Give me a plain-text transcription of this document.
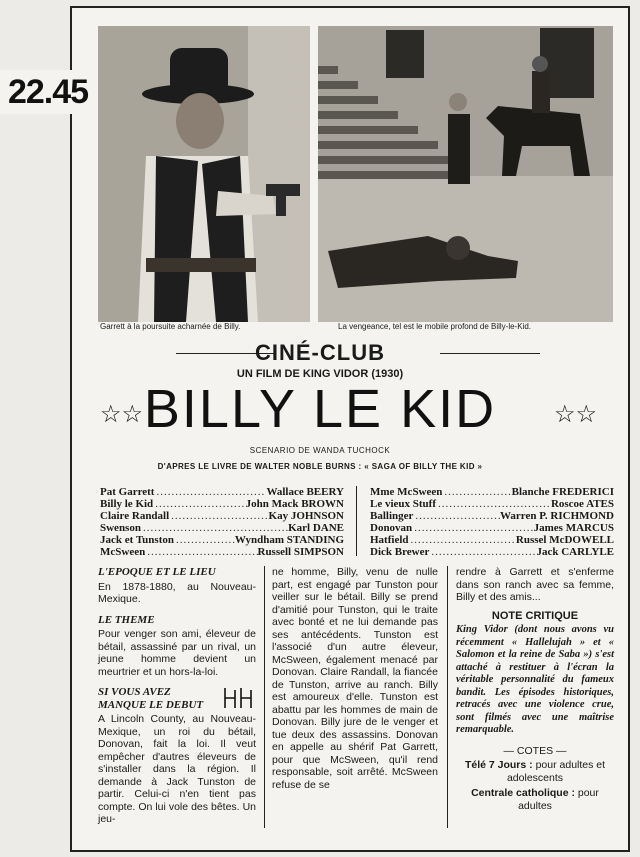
22.45
Garrett à la poursuite acharnée de Billy.	La vengeance, tel est le mobile profond de Billy-le-Kid.
CINÉ-CLUB
UN FILM DE KING VIDOR (1930)
☆☆ BILLY LE KID	☆☆
SCENARIO DE WANDA TUCHOCK
D'APRES LE LIVRE DE WALTER NOBLE BURNS : « SAGA OF BILLY THE KID »
Pat Garrett .....	Wallace BEERY
Billy le Kid .....	John Mack BROWN
Claire Randall .....	Kay JOHNSON
Swenson .....	Karl DANE
Jack et Tunston .....	Wyndham STANDING
McSween .....	Russell SIMPSON
Mme McSween .....	Blanche FREDERICI
Le vieux Stuff .....	Roscoe ATES
Ballinger .....	Warren P. RICHMOND
Donovan .....	James MARCUS
Hatfield .....	Russel McDOWELL
Dick Brewer .....	Jack CARLYLE
L'EPOQUE ET LE LIEU

En 1878-1880, au Nouveau-Mexique.

LE THEME

Pour venger son ami, éleveur de bétail, assassiné par un rival, un jeune homme devient un meurtrier et un hors-la-loi.

SI VOUS AVEZ MANQUE LE DEBUT

A Lincoln County, au Nouveau-Mexique, un roi du bétail, Donovan, fait la loi. Il veut empêcher d'autres éleveurs de s'installer dans la région. Il demande à Jack Tunston de partir. Celui-ci n'en tient pas compte. On lui vole des bêtes. Un jeu-

ne homme, Billy, venu de nulle part, est engagé par Tunston pour veiller sur le bétail. Billy se prend d'amitié pour Tunston, qui le traite avec bonté et ne lui demande pas ses antécédents. Tunston est l'associé d'un autre éleveur, McSween, également menacé par Donovan. Claire Randall, la fiancée de Tunston, arrive au ranch. Billy est amoureux d'elle. Tunston est abattu par les hommes de main de Donovan. Billy jure de le venger et tue deux des assassins. Donovan en appelle au shérif Pat Garrett, pour que McSween, qu'il rend responsable, soit arrêté. McSween refuse de se

rendre à Garrett et s'enferme dans son ranch avec sa femme, Billy et des amis...

NOTE CRITIQUE

King Vidor (dont nous avons vu récemment « Hallelujah » et « Salomon et la reine de Saba ») s'est attaché à restituer à l'écran la véritable personnalité du fameux bandit. Les épisodes historiques, retracés avec une violence crue, sont filmés avec une maîtrise remarquable.

— COTES —

Télé 7 Jours : pour adultes et adolescents

Centrale catholique : pour adultes
